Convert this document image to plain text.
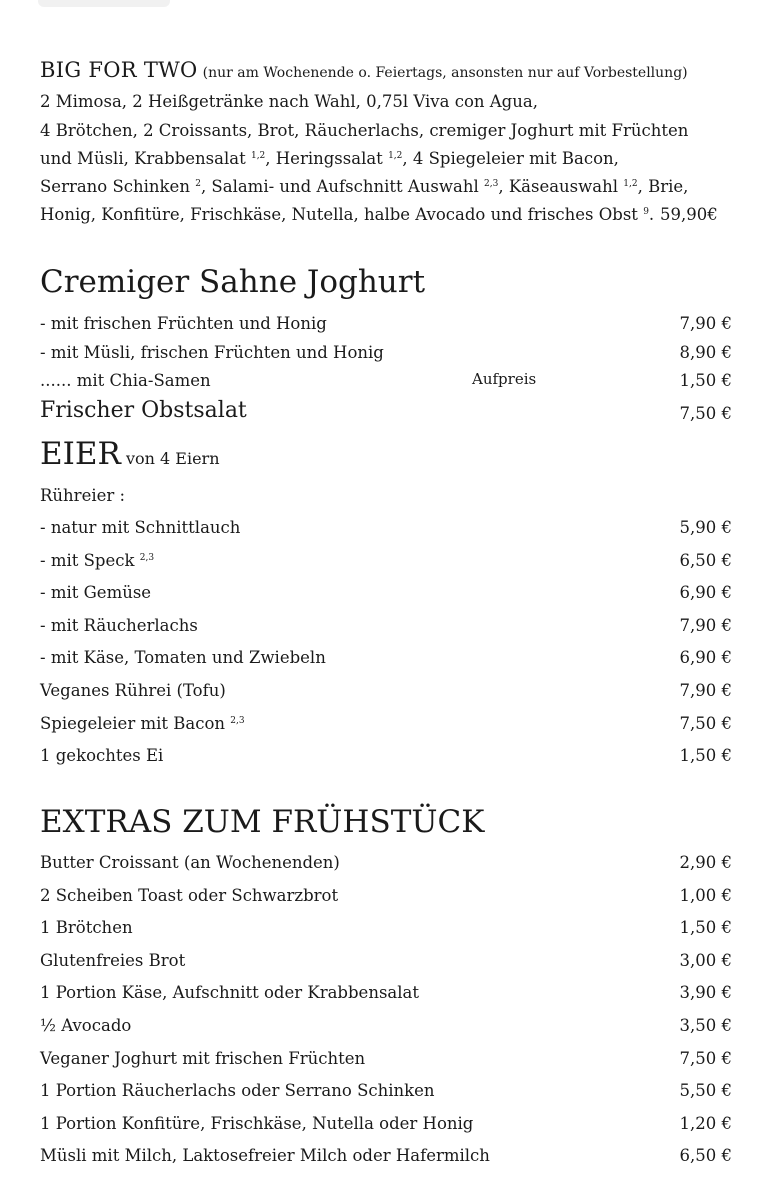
BIG FOR TWO (nur am Wochenende o. Feiertags, ansonsten nur auf Vorbestellung)
2 Mimosa, 2 Heißgetränke nach Wahl, 0,75l Viva con Agua,
4 Brötchen, 2 Croissants, Brot, Räucherlachs, cremiger Joghurt mit Früchten
und Müsli, Krabbensalat $^{1,2}$, Heringssalat $^{1,2}$, 4 Spiegeleier mit Bacon,
Serrano Schinken $^2$, Salami- und Aufschnitt Auswahl $^{2,3}$, Käseauswahl $^{1,2}$, Brie,
Honig, Konfitüre, Frischkäse, Nutella, halbe Avocado und frisches Obst $^9$. 59,90€
Cremiger Sahne Joghurt
- mit frischen Früchten und Honig	7,90 €
- mit Müsli, frischen Früchten und Honig	8,90 €
...... mit Chia-Samen	1,50 €
Aufpreis
Frischer Obstsalat	7,50 €
EIER von 4 Eiern
Rühreier :
- natur mit Schnittlauch	5,90 €
- mit Speck $^{2,3}$	6,50 €
- mit Gemüse	6,90 €
- mit Räucherlachs	7,90 €
- mit Käse, Tomaten und Zwiebeln	6,90 €
Veganes Rührei (Tofu)	7,90 €
Spiegeleier mit Bacon $^{2,3}$	7,50 €
1 gekochtes Ei	1,50 €
EXTRAS ZUM FRÜHSTÜCK
Butter Croissant (an Wochenenden)	2,90 €
2 Scheiben Toast oder Schwarzbrot	1,00 €
1 Brötchen	1,50 €
Glutenfreies Brot	3,00 €
1 Portion Käse, Aufschnitt oder Krabbensalat	3,90 €
½ Avocado	3,50 €
Veganer Joghurt mit frischen Früchten	7,50 €
1 Portion Räucherlachs oder Serrano Schinken	5,50 €
1 Portion Konfitüre, Frischkäse, Nutella oder Honig	1,20 €
Müsli mit Milch, Laktosefreier Milch oder Hafermilch	6,50 €
